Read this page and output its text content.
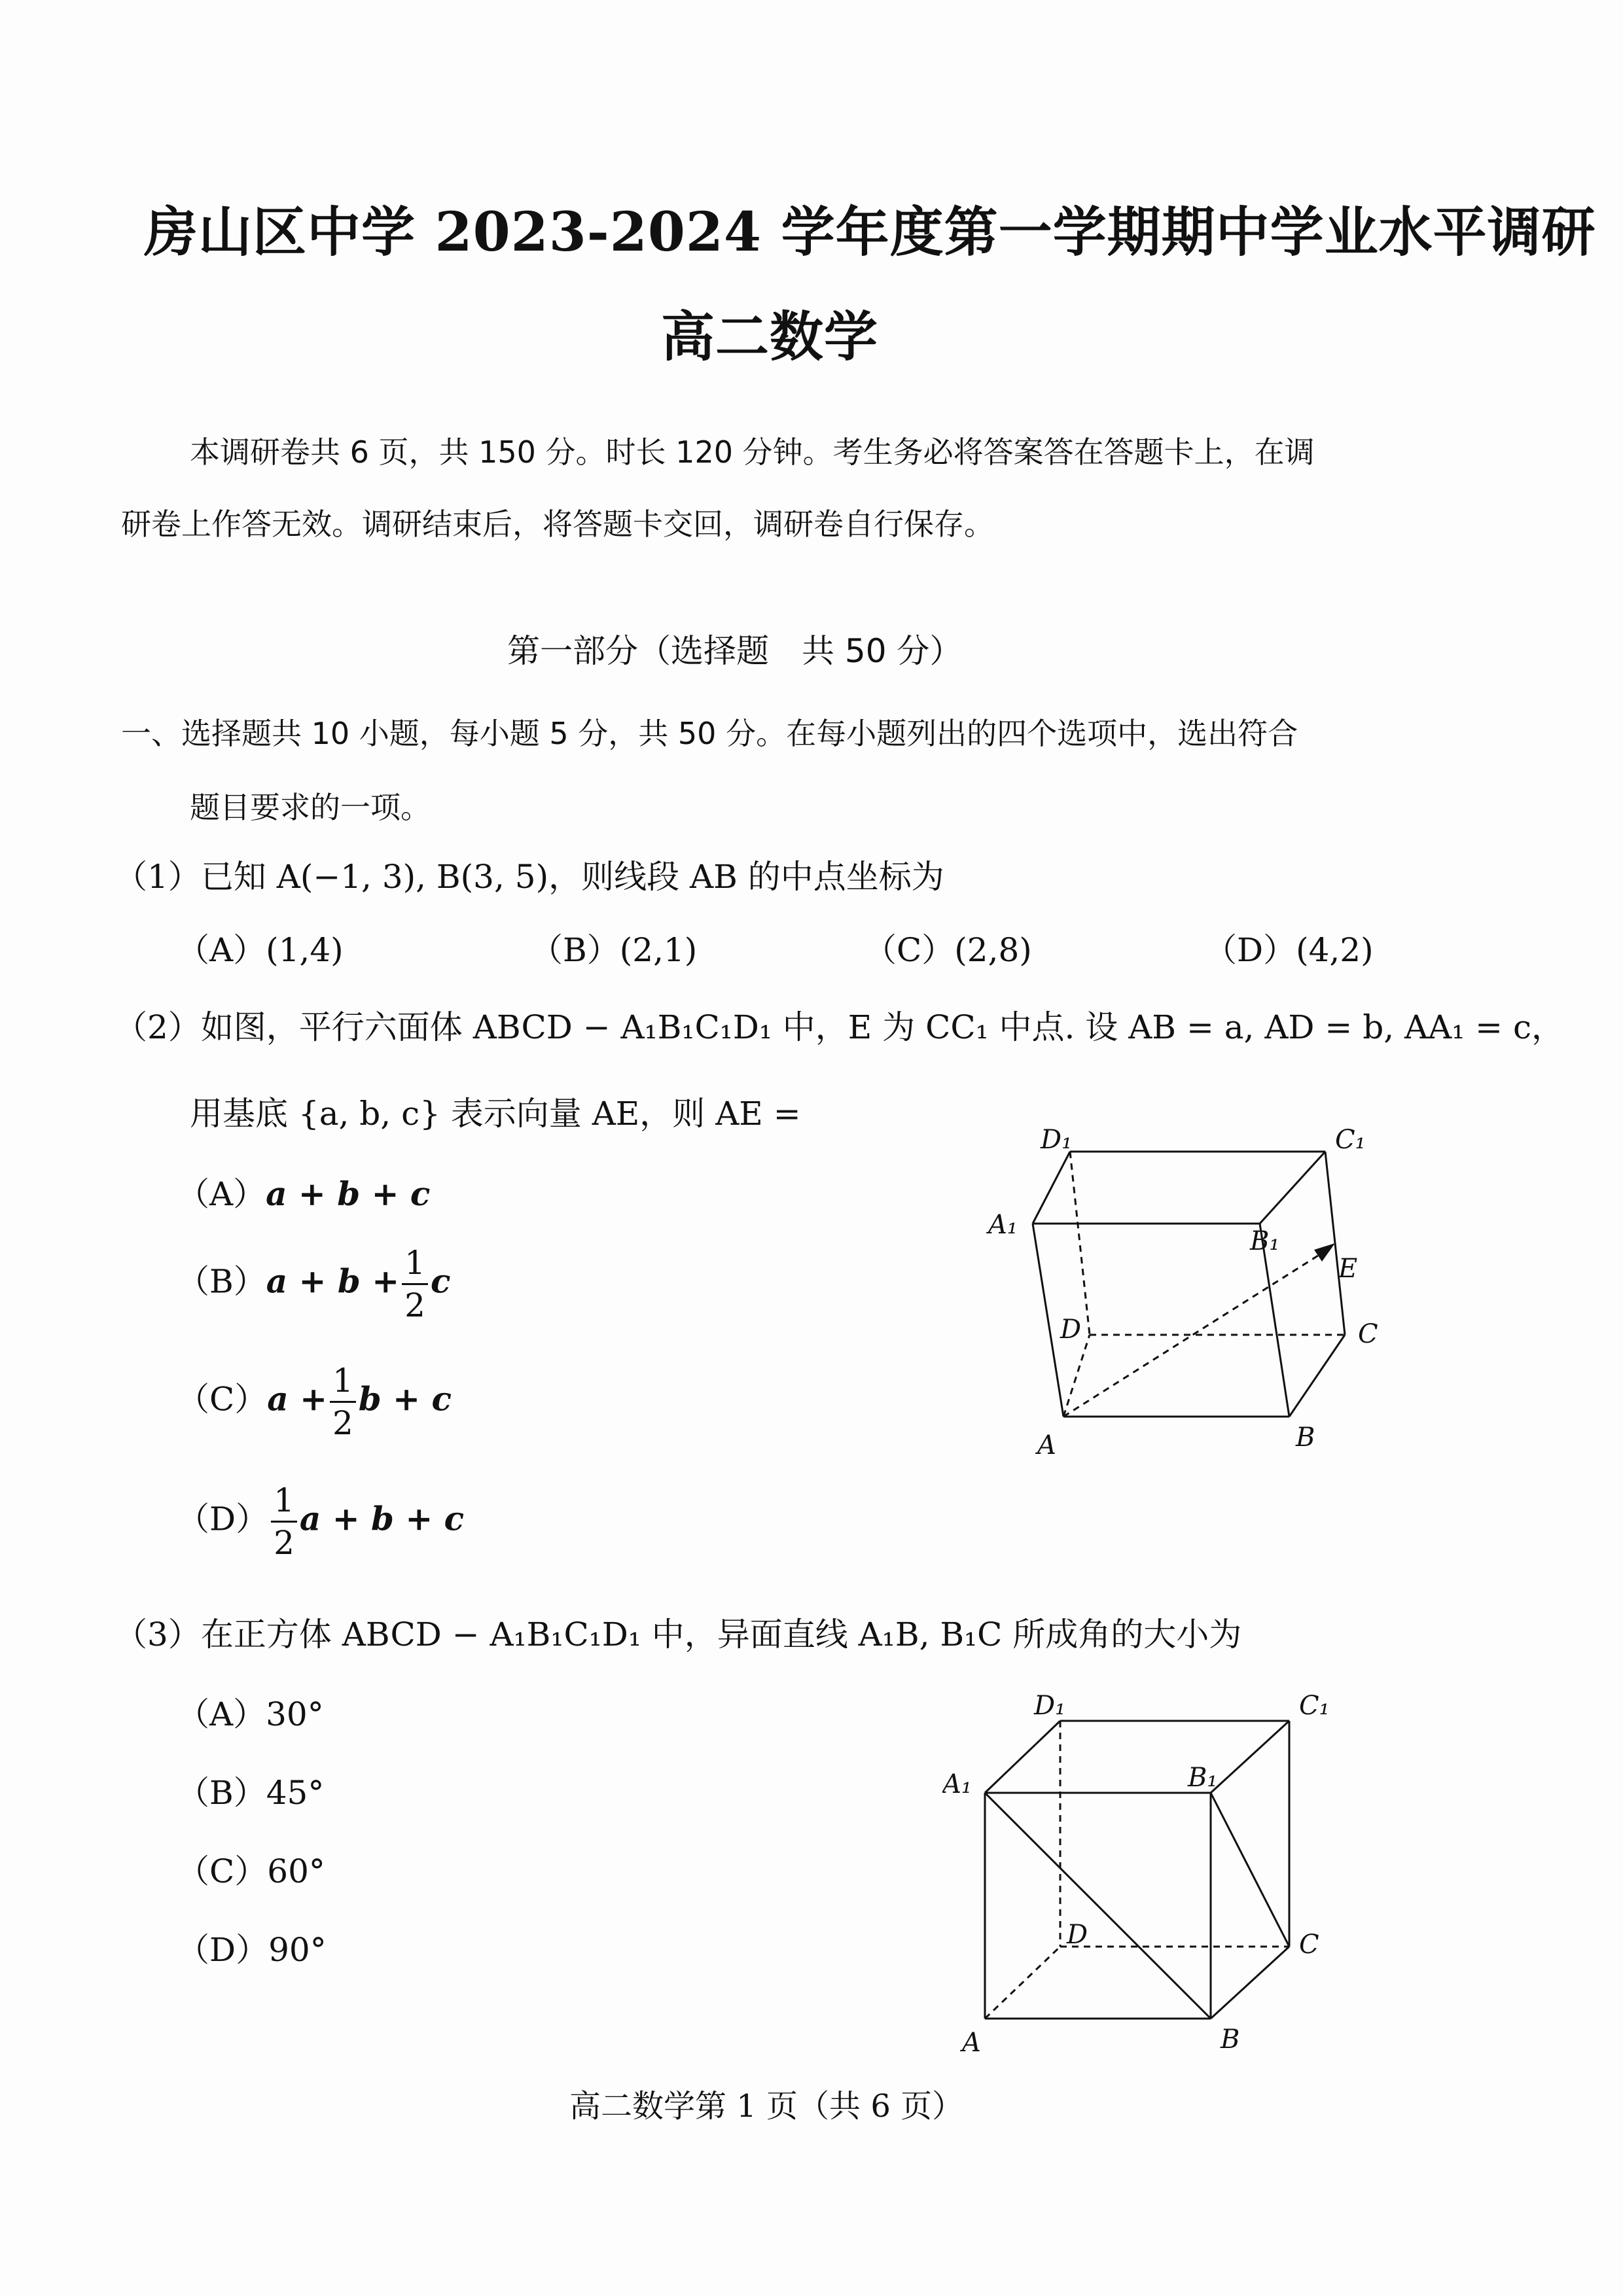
房山区中学 2023-2024 学年度第一学期期中学业水平调研
高二数学
本调研卷共 6 页，共 150 分。时长 120 分钟。考生务必将答案答在答题卡上，在调
研卷上作答无效。调研结束后，将答题卡交回，调研卷自行保存。
第一部分（选择题　共 50 分）
一、选择题共 10 小题，每小题 5 分，共 50 分。在每小题列出的四个选项中，选出符合
题目要求的一项。
（1）已知 A(−1, 3), B(3, 5)，则线段 AB 的中点坐标为
（A）(1,4)	（B）(2,1)	（C）(2,8)	（D）(4,2)
（2）如图，平行六面体 ABCD − A₁B₁C₁D₁ 中，E 为 CC₁ 中点. 设 AB = a, AD = b, AA₁ = c，
用基底 {a, b, c} 表示向量 AE，则 AE =
（A）a + b + c
$(B)a + b + \frac{1}{2}$ c
$(C)a + \frac{1}{2}$ b + c
$(D) \frac{1}{2}$ a + b + c
D₁	C₁
A₁
B₁
E
D	C
A	B
（3）在正方体 ABCD − A₁B₁C₁D₁ 中，异面直线 A₁B, B₁C 所成角的大小为
（A）30°
（B）45°
（C）60°
（D）90°
D₁	C₁
A₁	B₁
D	C
A	B
高二数学第 1 页（共 6 页）
